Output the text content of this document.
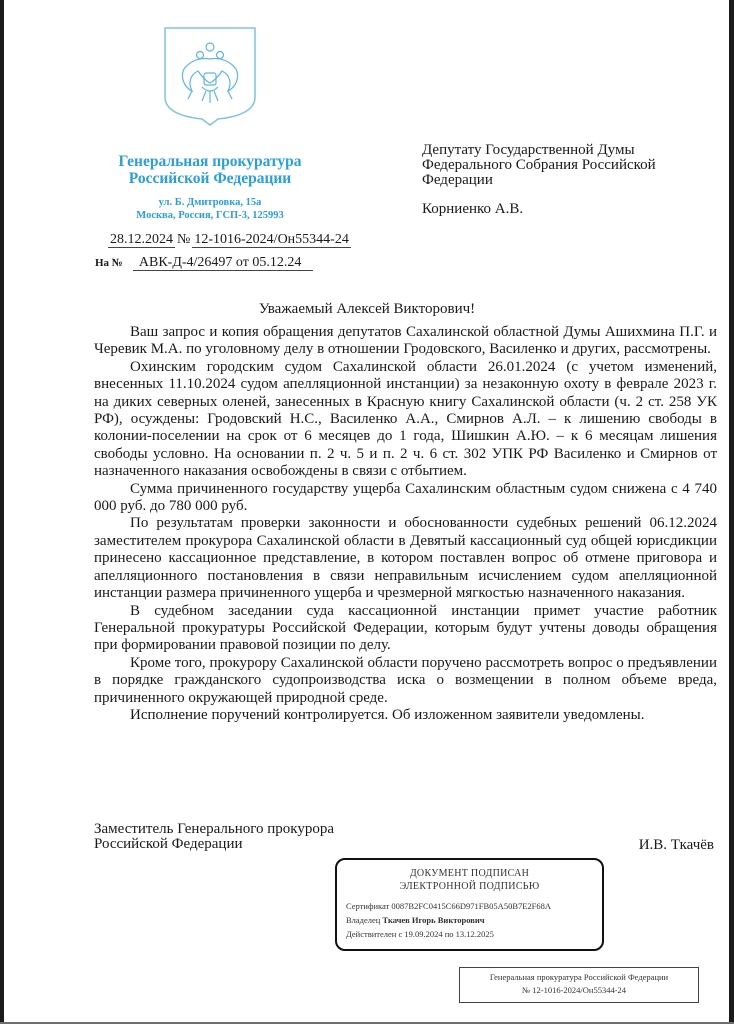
Генеральная прокуратура
Российской Федерации
ул. Б. Дмитровка, 15а
Москва, Россия, ГСП-3, 125993
28.12.2024 № 12-1016-2024/Он55344-24
На № АВК-Д-4/26497 от 05.12.24
Депутату Государственной Думы
Федерального Собрания Российской
Федерации
Корниенко А.В.
Уважаемый Алексей Викторович!

Ваш запрос и копия обращения депутатов Сахалинской областной Думы Ашихмина П.Г. и Черевик М.А. по уголовному делу в отношении Гродовского, Василенко и других, рассмотрены.

Охинским городским судом Сахалинской области 26.01.2024 (с учетом изменений, внесенных 11.10.2024 судом апелляционной инстанции) за незаконную охоту в феврале 2023 г. на диких северных оленей, занесенных в Красную книгу Сахалинской области (ч. 2 ст. 258 УК РФ), осуждены: Гродовский Н.С., Василенко А.А., Смирнов А.Л. – к лишению свободы в колонии-поселении на срок от 6 месяцев до 1 года, Шишкин А.Ю. – к 6 месяцам лишения свободы условно. На основании п. 2 ч. 5 и п. 2 ч. 6 ст. 302 УПК РФ Василенко и Смирнов от назначенного наказания освобождены в связи с отбытием.

Сумма причиненного государству ущерба Сахалинским областным судом снижена с 4 740 000 руб. до 780 000 руб.

По результатам проверки законности и обоснованности судебных решений 06.12.2024 заместителем прокурора Сахалинской области в Девятый кассационный суд общей юрисдикции принесено кассационное представление, в котором поставлен вопрос об отмене приговора и апелляционного постановления в связи неправильным исчислением судом апелляционной инстанции размера причиненного ущерба и чрезмерной мягкостью назначенного наказания.

В судебном заседании суда кассационной инстанции примет участие работник Генеральной прокуратуры Российской Федерации, которым будут учтены доводы обращения при формировании правовой позиции по делу.

Кроме того, прокурору Сахалинской области поручено рассмотреть вопрос о предъявлении в порядке гражданского судопроизводства иска о возмещении в полном объеме вреда, причиненного окружающей природной среде.

Исполнение поручений контролируется. Об изложенном заявители уведомлены.

Заместитель Генерального прокурора
Российской Федерации	И.В. Ткачёв
ДОКУМЕНТ ПОДПИСАН
ЭЛЕКТРОННОЙ ПОДПИСЬЮ
Сертификат 0087B2FC0415C66D971FB05A50B7E2F68A
Владелец Ткачев Игорь Викторович
Действителен с 19.09.2024 по 13.12.2025
Генеральная прокуратура Российской Федерации
№ 12-1016-2024/Он55344-24
